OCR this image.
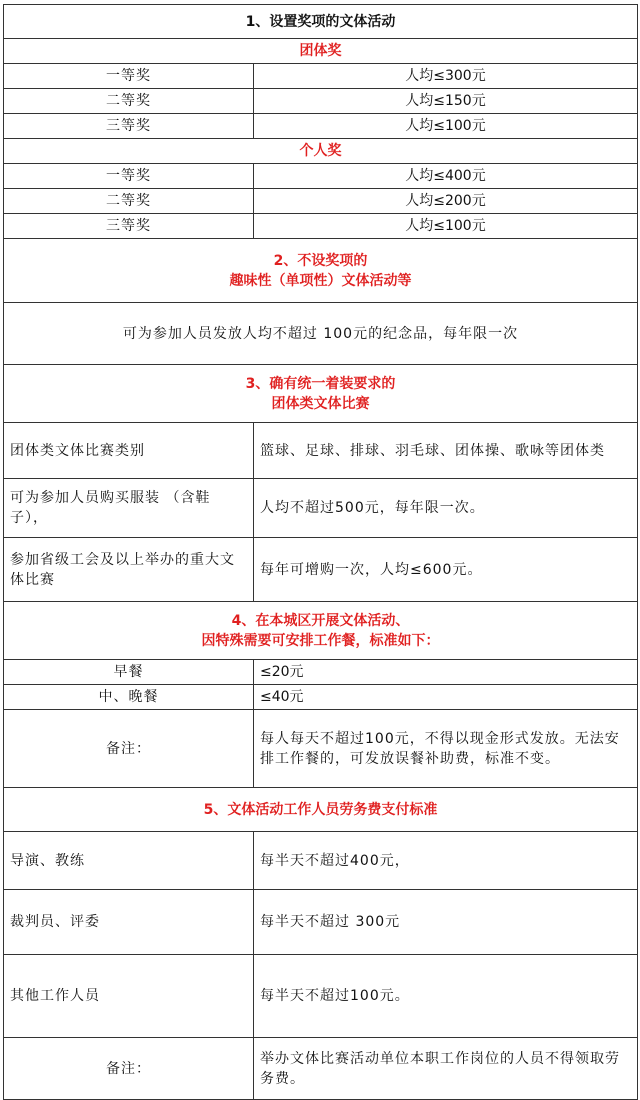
1、设置奖项的文体活动	
团体奖	
一等奖	人均≤300元
二等奖	人均≤150元
三等奖	人均≤100元
个人奖	
一等奖	人均≤400元
二等奖	人均≤200元
三等奖	人均≤100元

2、不设奖项的
趣味性（单项性）文体活动等	

可为参加人员发放人均不超过 100元的纪念品，每年限一次	

3、确有统一着装要求的
团体类文体比赛	

团体类文体比赛类别	篮球、足球、排球、羽毛球、团体操、歌咏等团体类
可为参加人员购买服装 （含鞋子），	人均不超过500元，每年限一次。
参加省级工会及以上举办的重大文体比赛	每年可增购一次，人均≤600元。

4、在本城区开展文体活动、
因特殊需要可安排工作餐，标准如下：	

早餐	≤20元
中、晚餐	≤40元
备注：	每人每天不超过100元，不得以现金形式发放。无法安排工作餐的，可发放误餐补助费，标准不变。
5、文体活动工作人员劳务费支付标准	
导演、教练	每半天不超过400元，
裁判员、评委	每半天不超过 300元
其他工作人员	每半天不超过100元。
备注：	举办文体比赛活动单位本职工作岗位的人员不得领取劳务费。
